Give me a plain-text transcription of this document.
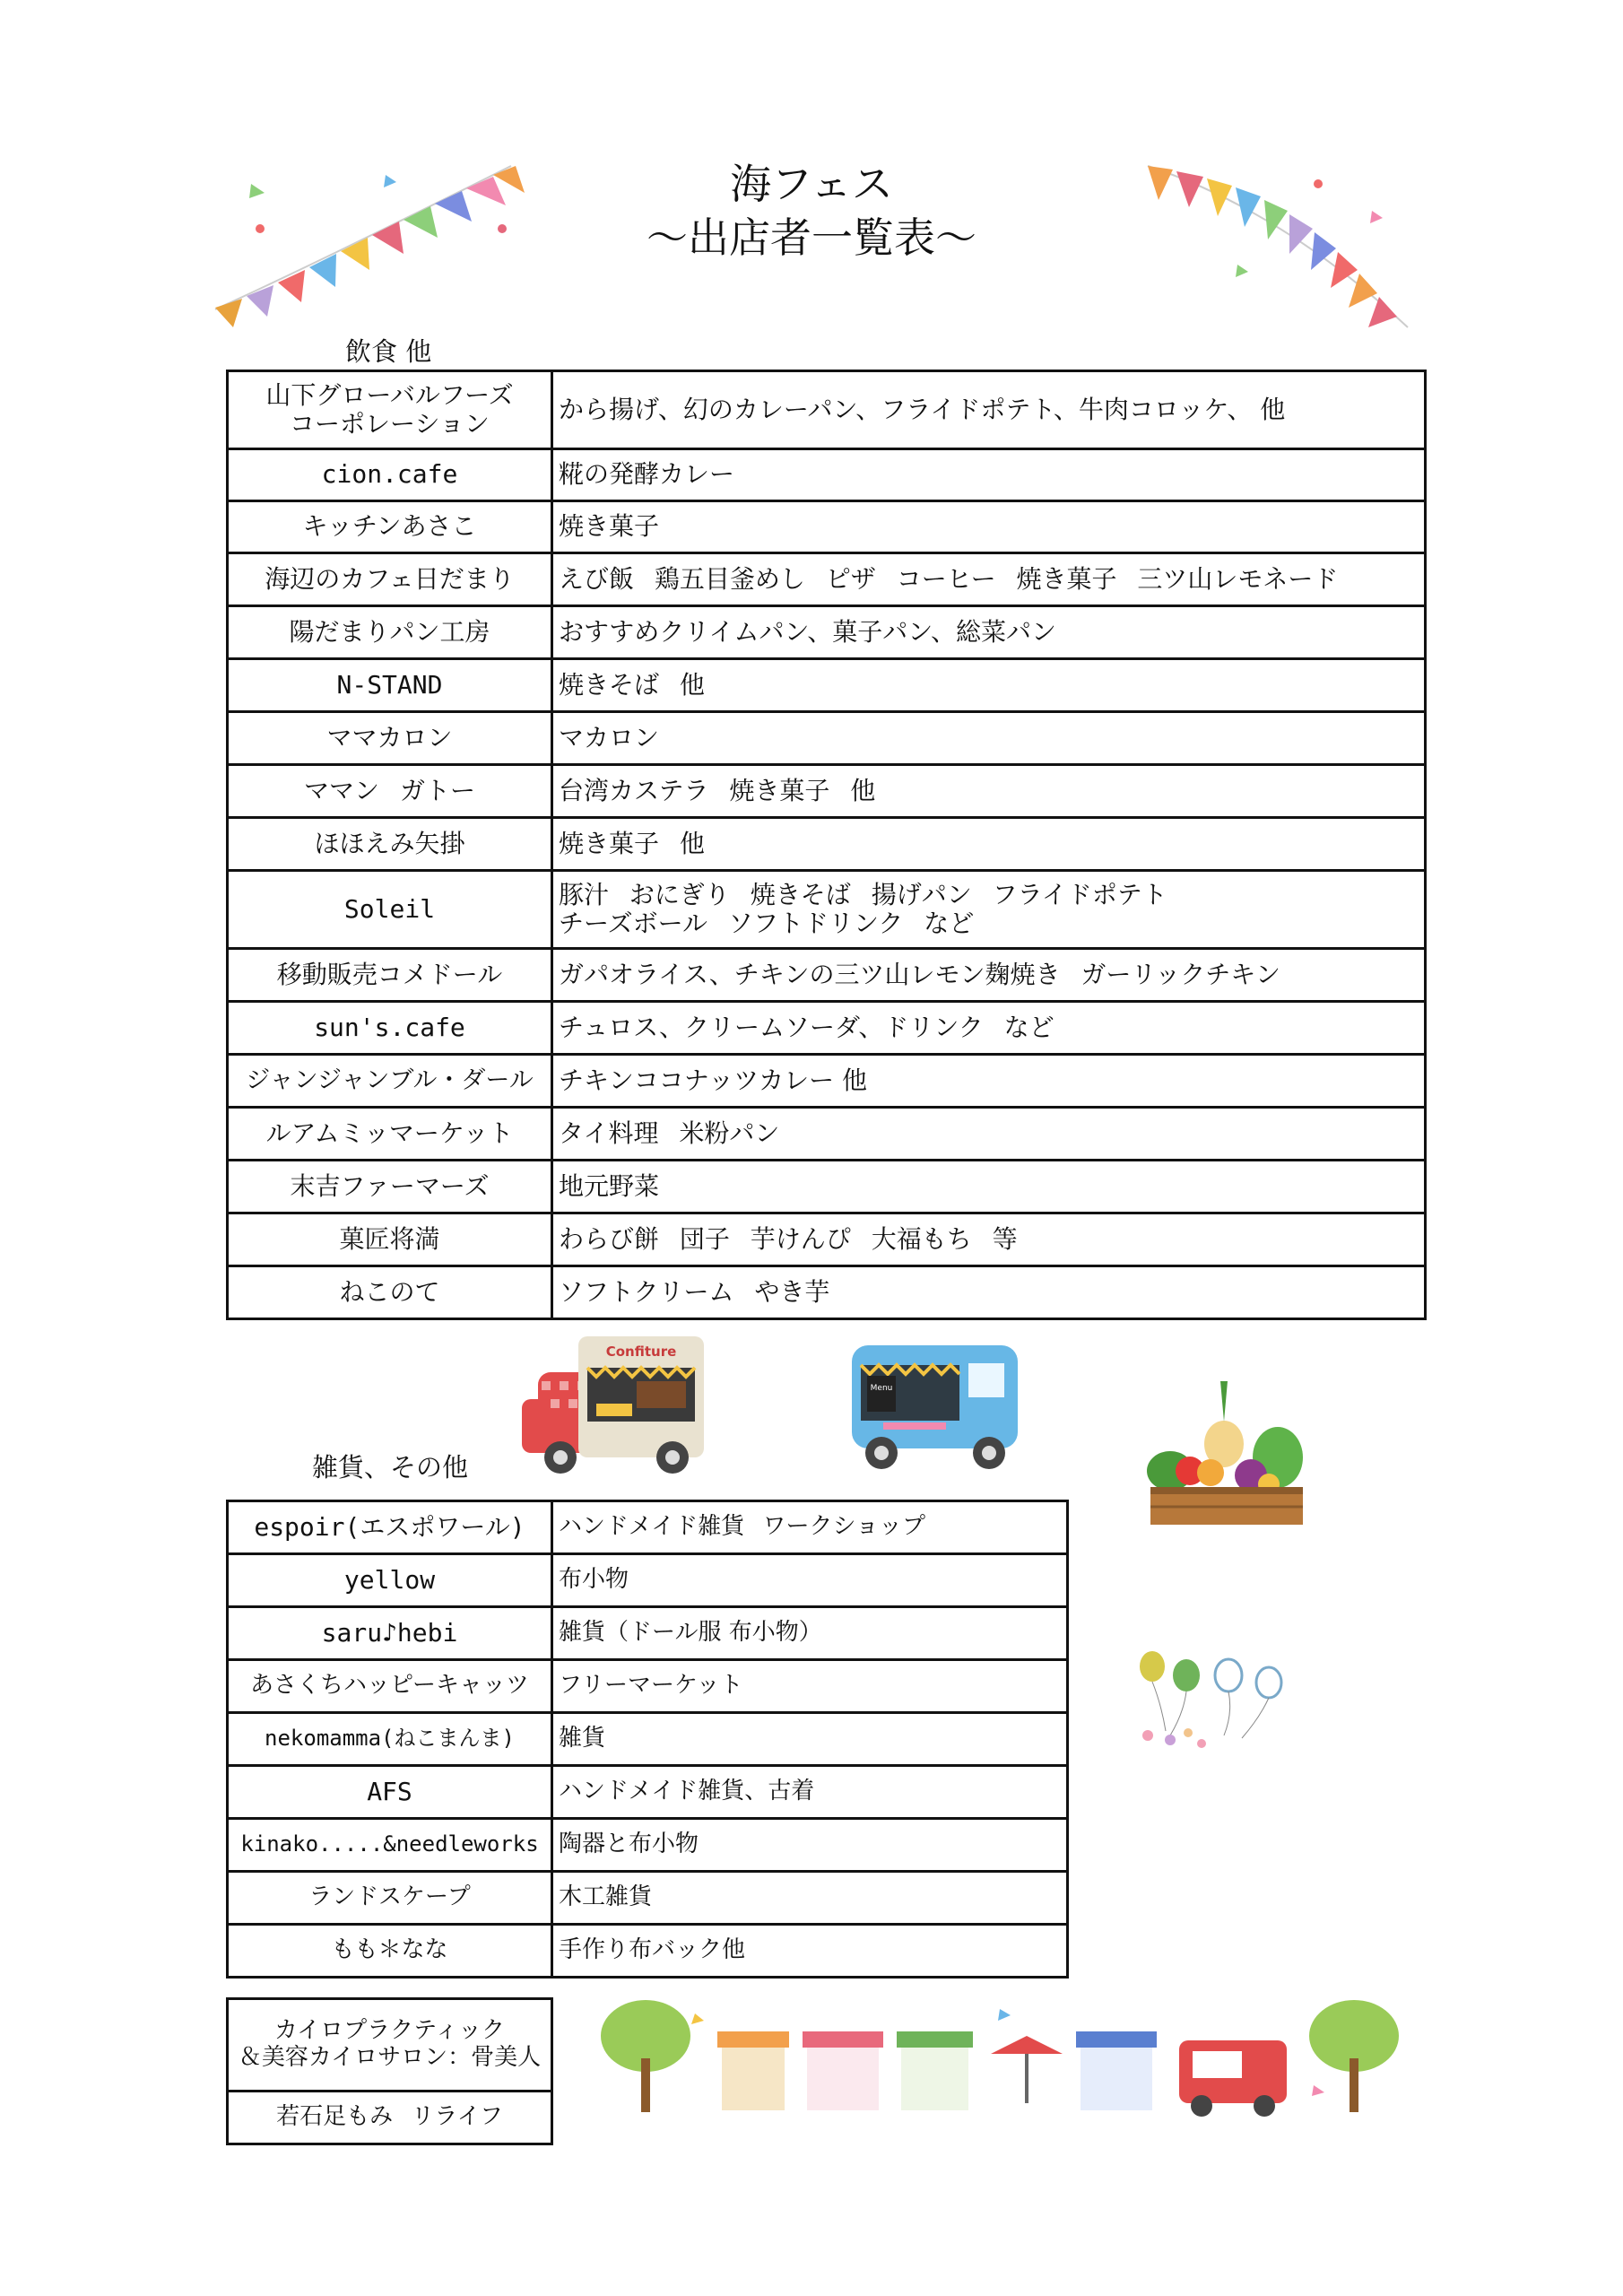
海フェス
～出店者一覧表～
飲食 他
山下グローバルフーズ
コーポレーション	から揚げ、幻のカレーパン、フライドポテト、牛肉コロッケ、 他
cion.cafe	糀の発酵カレー
キッチンあさこ	焼き菓子
海辺のカフェ日だまり	えび飯 鶏五目釜めし ピザ コーヒー 焼き菓子 三ツ山レモネード
陽だまりパン工房	おすすめクリイムパン、菓子パン、総菜パン
N-STAND	焼きそば 他
ママカロン	マカロン
ママン ガトー	台湾カステラ 焼き菓子 他
ほほえみ矢掛	焼き菓子 他
Soleil	豚汁 おにぎり 焼きそば 揚げパン フライドポテト
チーズボール ソフトドリンク など
移動販売コメドール	ガパオライス、チキンの三ツ山レモン麹焼き ガーリックチキン
sun's.cafe	チュロス、クリームソーダ、ドリンク など
ジャンジャンブル・ダール	チキンココナッツカレー 他
ルアムミッマーケット	タイ料理 米粉パン
末吉ファーマーズ	地元野菜
菓匠将満	わらび餅 団子 芋けんぴ 大福もち 等
ねこのて	ソフトクリーム やき芋
Confiture
Menu
雑貨、その他
espoir(エスポワール)	ハンドメイド雑貨 ワークショップ
yellow	布小物
saru♪hebi	雑貨（ドール服 布小物）
あさくちハッピーキャッツ	フリーマーケット
nekomamma(ねこまんま)	雑貨
AFS	ハンドメイド雑貨、古着
kinako.....&needleworks	陶器と布小物
ランドスケープ	木工雑貨
もも＊なな	手作り布バック他
カイロプラクティック
＆美容カイロサロン：骨美人
若石足もみ リライフ
